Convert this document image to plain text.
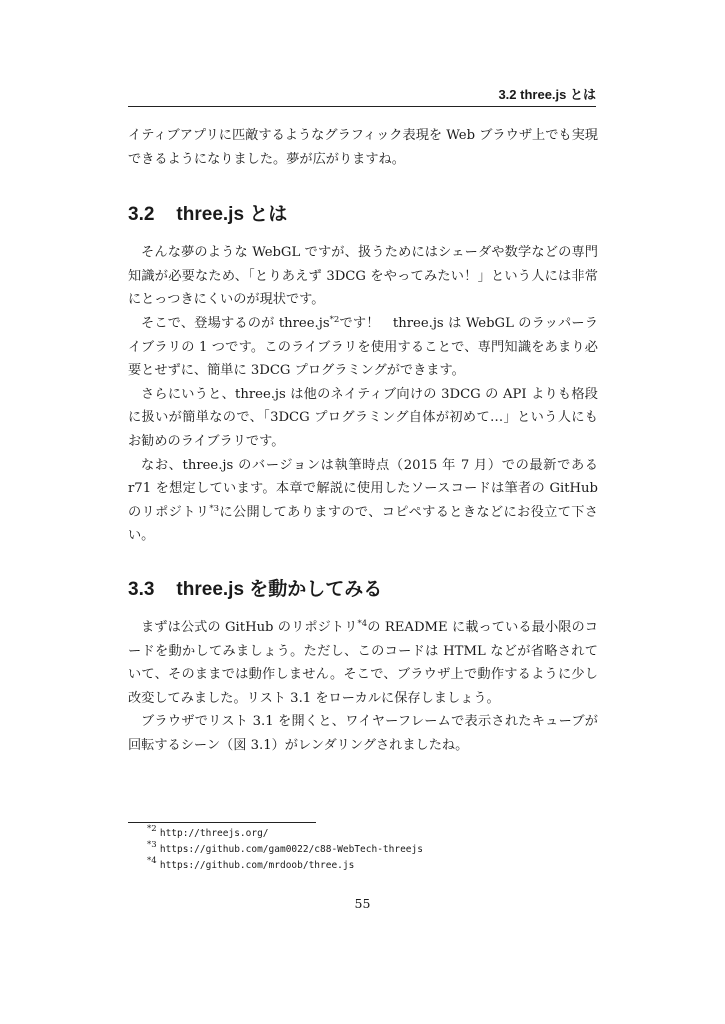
3.2 three.js とは

イティブアプリに匹敵するようなグラフィック表現を Web ブラウザ上でも実現できるようになりました。夢が広がりますね。

3.2 three.js とは

そんな夢のような WebGL ですが、扱うためにはシェーダや数学などの専門知識が必要なため、「とりあえず 3DCG をやってみたい！」という人には非常にとっつきにくいのが現状です。

そこで、登場するのが $three.js^{*2}$です！　three.js は WebGL のラッパーライブラリの 1 つです。このライブラリを使用することで、専門知識をあまり必要とせずに、簡単に 3DCG プログラミングができます。

さらにいうと、three.js は他のネイティブ向けの 3DCG の API よりも格段に扱いが簡単なので、「3DCG プログラミング自体が初めて…」という人にもお勧めのライブラリです。

なお、three.js のバージョンは執筆時点（2015 年 7 月）での最新である r71 を想定しています。本章で解説に使用したソースコードは筆者の GitHub のリポジトリ$^{*3}$に公開してありますので、コピペするときなどにお役立て下さい。

3.3 three.js を動かしてみる

まずは公式の GitHub のリポジトリ$^{*4}$の README に載っている最小限のコードを動かしてみましょう。ただし、このコードは HTML などが省略されていて、そのままでは動作しません。そこで、ブラウザ上で動作するように少し改変してみました。リスト 3.1 をローカルに保存しましょう。

ブラウザでリスト 3.1 を開くと、ワイヤーフレームで表示されたキューブが回転するシーン（図 3.1）がレンダリングされましたね。

$^{*2}$ http://threejs.org/
$^{*3}$ https://github.com/gam0022/c88-WebTech-threejs
$^{*4}$ https://github.com/mrdoob/three.js
55
